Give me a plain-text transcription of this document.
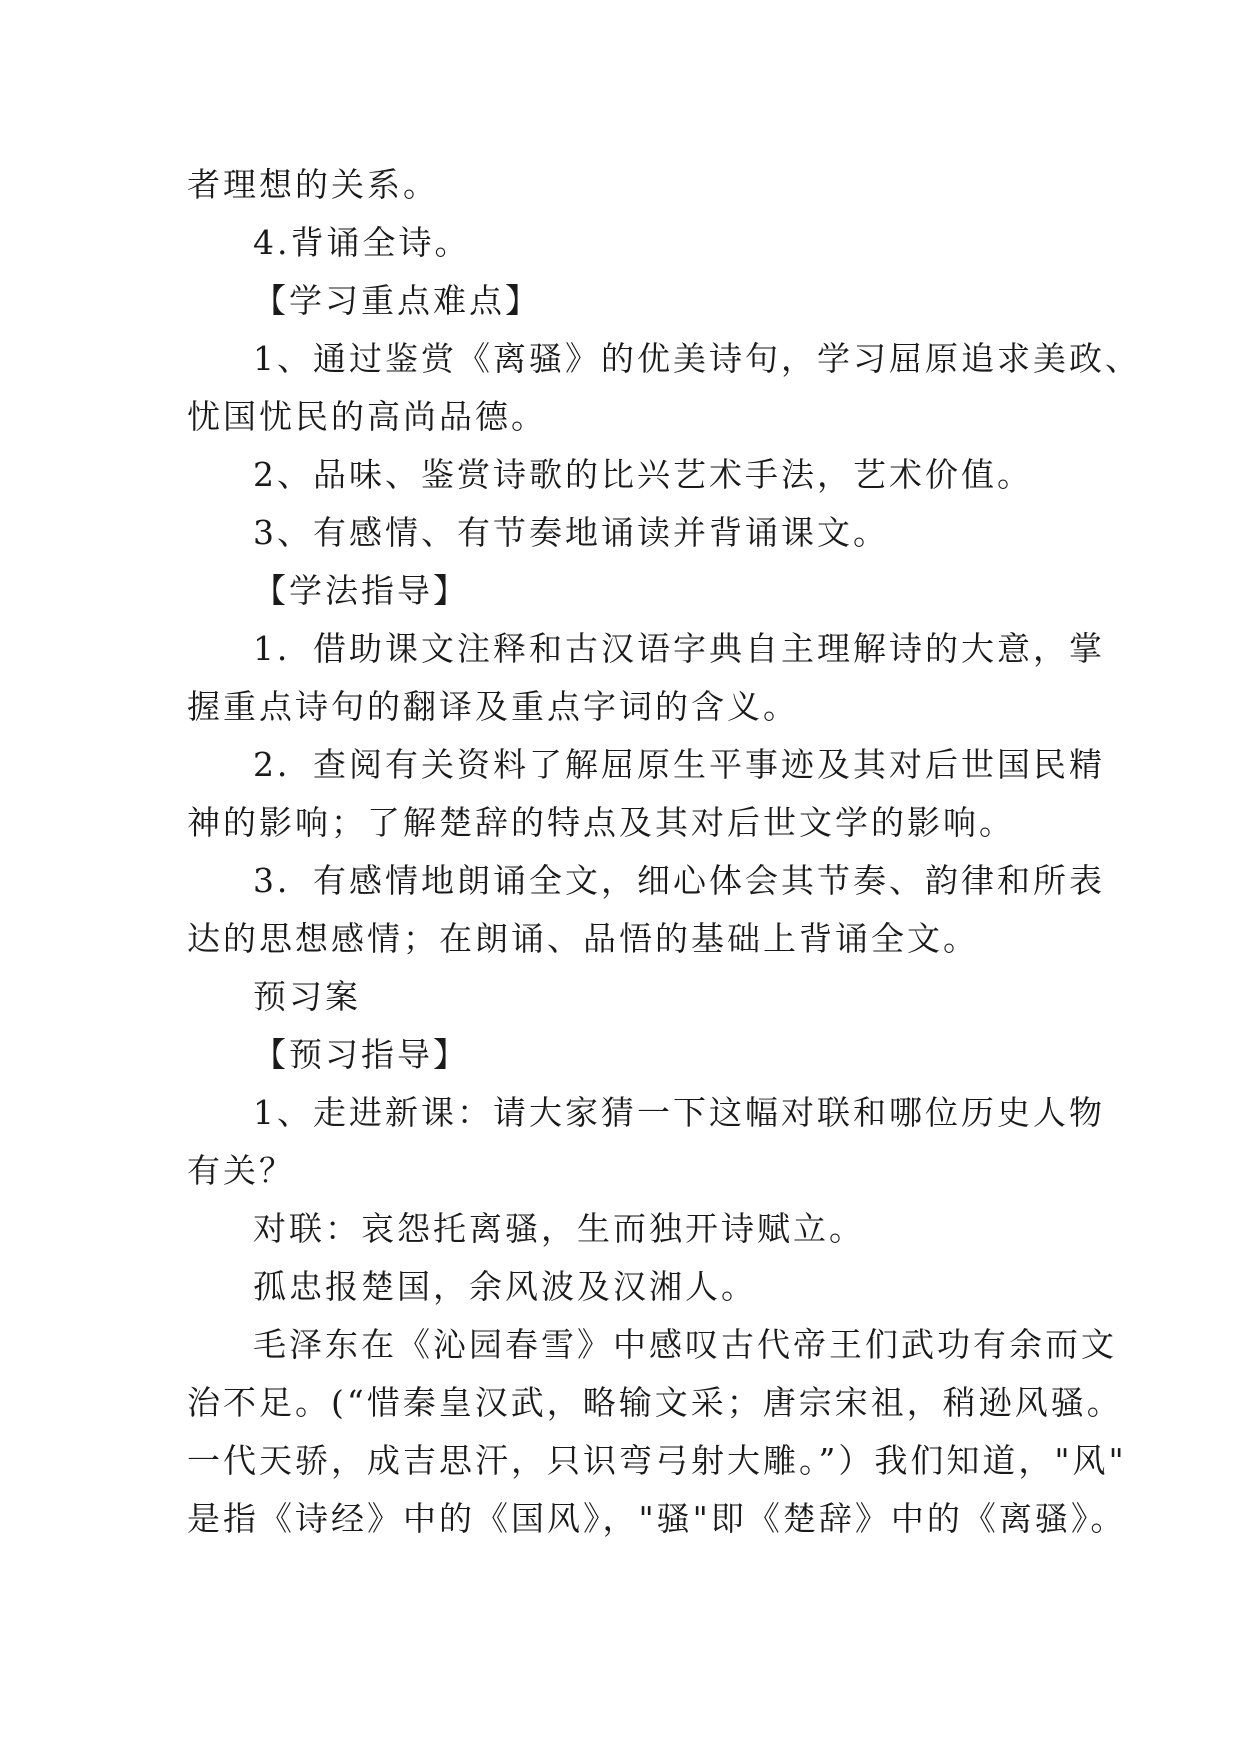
者理想的关系。
4.背诵全诗。
【学习重点难点】
1、通过鉴赏《离骚》的优美诗句，学习屈原追求美政、
忧国忧民的高尚品德。
2、品味、鉴赏诗歌的比兴艺术手法，艺术价值。
3、有感情、有节奏地诵读并背诵课文。
【学法指导】
1．借助课文注释和古汉语字典自主理解诗的大意，掌
握重点诗句的翻译及重点字词的含义。
2．查阅有关资料了解屈原生平事迹及其对后世国民精
神的影响；了解楚辞的特点及其对后世文学的影响。
3．有感情地朗诵全文，细心体会其节奏、韵律和所表
达的思想感情；在朗诵、品悟的基础上背诵全文。
预习案
【预习指导】
1、走进新课：请大家猜一下这幅对联和哪位历史人物
有关？
对联：哀怨托离骚，生而独开诗赋立。
孤忠报楚国，余风波及汉湘人。
毛泽东在《沁园春雪》中感叹古代帝王们武功有余而文
治不足。(“惜秦皇汉武，略输文采；唐宗宋祖，稍逊风骚。
一代天骄，成吉思汗，只识弯弓射大雕。”）我们知道，"风"
是指《诗经》中的《国风》，"骚"即《楚辞》中的《离骚》。
